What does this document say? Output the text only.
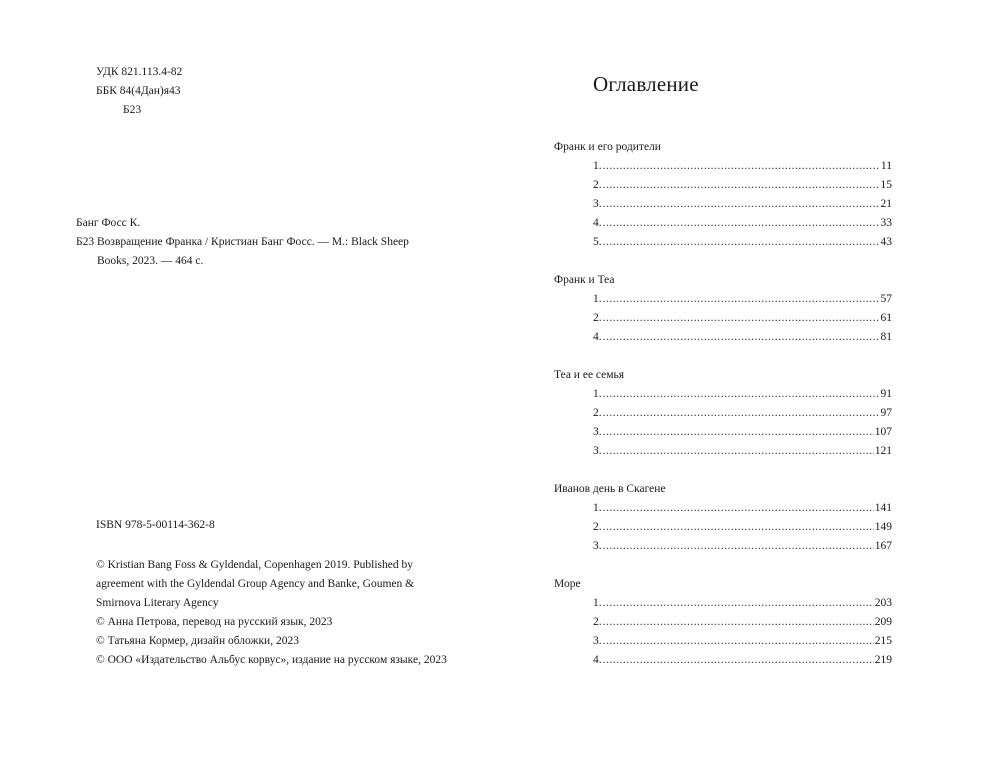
УДК 821.113.4-82
ББК 84(4Дан)я43
Б23
Банг Фосс К.
Б23 Возвращение Франка / Кристиан Банг Фосс. — М.: Black Sheep
Books, 2023. — 464 с.
ISBN 978-5-00114-362-8
© Kristian Bang Foss & Gyldendal, Copenhagen 2019. Published by
agreement with the Gyldendal Group Agency and Banke, Goumen &
Smirnova Literary Agency
© Анна Петрова, перевод на русский язык, 2023
© Татьяна Кормер, дизайн обложки, 2023
© ООО «Издательство Альбус корвус», издание на русском языке, 2023
Оглавление
Франк и его родители
1. .....	11
2. .....	15
3. .....	21
4. .....	33
5. .....	43
Франк и Теа
1. .....	57
2. .....	61
4. .....	81
Теа и ее семья
1. .....	91
2. .....	97
3. .....	107
3. .....	121
Иванов день в Скагене
1. .....	141
2. .....	149
3. .....	167
Море
1. .....	203
2. .....	209
3. .....	215
4. .....	219
